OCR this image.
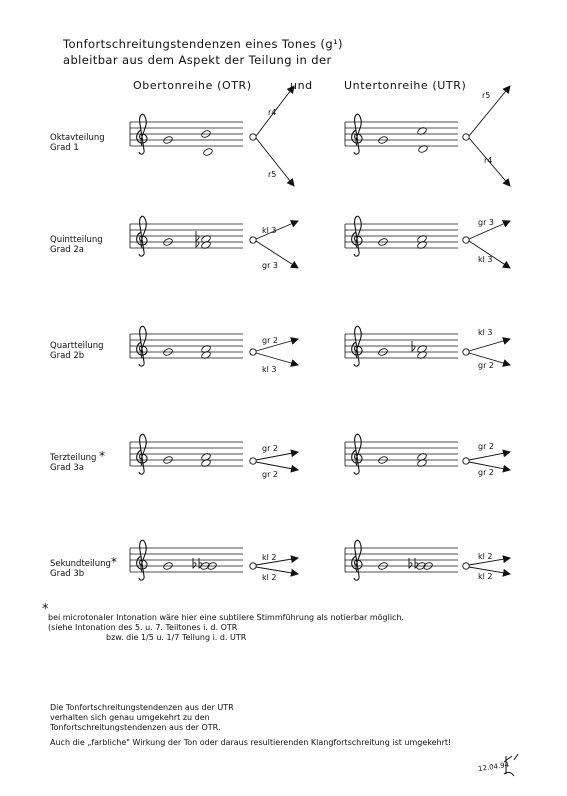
Tonfortschreitungstendenzen eines Tones (g¹)
ableitbar aus dem Aspekt der Teilung in der
Obertonreihe (OTR)	und	Untertonreihe (UTR)
Oktavteilung
Grad 1
Quintteilung
Grad 2a
Quartteilung
Grad 2b
Terzteilung *
Grad 3a
Sekundteilung*
Grad 3b
r4
r5
r5
r4
kl 3
gr 3
gr 3
kl 3
gr 2
kl 3
kl 3
gr 2
gr 2
gr 2
gr 2
gr 2
kl 2
kl 2
kl 2
kl 2
*
bei microtonaler Intonation wäre hier eine subtilere Stimmführung als notierbar möglich.
(siehe Intonation des 5. u. 7. Teiltones i. d. OTR
bzw. die 1/5 u. 1/7 Teilung i. d. UTR
Die Tonfortschreitungstendenzen aus der UTR
verhalten sich genau umgekehrt zu den
Tonfortschreitungstendenzen aus der OTR.
Auch die „farbliche" Wirkung der Ton oder daraus resultierenden Klangfortschreitung ist umgekehrt!
12.04.94
